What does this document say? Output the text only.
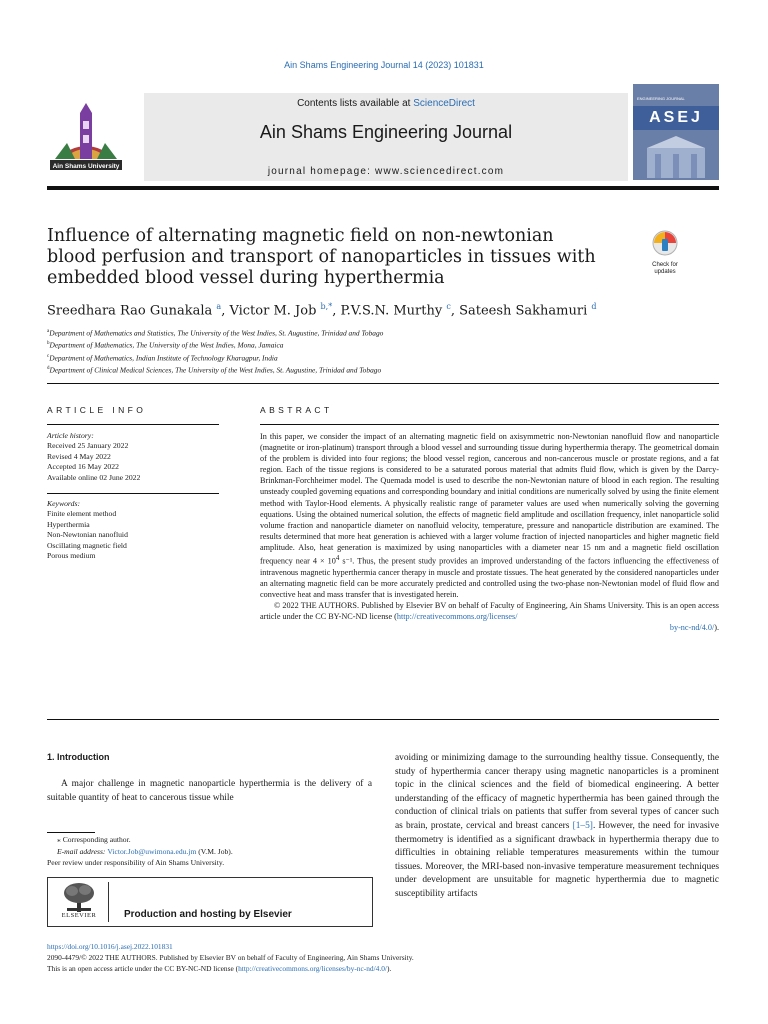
Ain Shams Engineering Journal 14 (2023) 101831
Ain Shams University
Contents lists available at ScienceDirect
Ain Shams Engineering Journal
journal homepage: www.sciencedirect.com
ENGINEERING JOURNAL
ASEJ
Influence of alternating magnetic field on non-newtonian blood perfusion and transport of nanoparticles in tissues with embedded blood vessel during hyperthermia
Check for updates
Sreedhara Rao Gunakala $^a$, Victor M. Job $^{b,*}$, P.V.S.N. Murthy $^c$, Sateesh Sakhamuri $^d$
$^a$Department of Mathematics and Statistics, The University of the West Indies, St. Augustine, Trinidad and Tobago
$^b$Department of Mathematics, The University of the West Indies, Mona, Jamaica
$^c$Department of Mathematics, Indian Institute of Technology Kharagpur, India
$^d$Department of Clinical Medical Sciences, The University of the West Indies, St. Augustine, Trinidad and Tobago
ARTICLE INFO	ABSTRACT
Article history:
Received 25 January 2022
Revised 4 May 2022
Accepted 16 May 2022
Available online 02 June 2022
Keywords:
Finite element method
Hyperthermia
Non-Newtonian nanofluid
Oscillating magnetic field
Porous medium

In this paper, we consider the impact of an alternating magnetic field on axisymmetric non-Newtonian nanofluid flow and nanoparticle (magnetite or iron-platinum) transport through a blood vessel and surrounding tissue during hyperthermia therapy. The geometrical domain of the problem is divided into four regions; the blood vessel region, cancerous and non-cancerous muscle or prostate regions, and a fat region. Each of the tissue regions is considered to be a saturated porous material that admits fluid flow, which is given by the Darcy-Brinkman-Forchheimer model. The Quemada model is used to describe the non-Newtonian nature of blood in each region. The resulting unsteady coupled governing equations and corresponding boundary and initial conditions are numerically solved by using the finite element method with Taylor-Hood elements. A physically realistic range of parameter values are used when numerically solving the governing equations. Using the obtained numerical solution, the effects of magnetic field amplitude and oscillation frequency, inlet nanoparticle solid volume fraction and nanoparticle diameter on nanofluid velocity, temperature, pressure and nanoparticle distribution are examined. The results determined that more heat generation is achieved with a larger volume fraction of injected nanoparticles and higher magnetic field amplitude. Also, heat generation is maximized by using nanoparticles with a diameter near 15 nm and a magnetic field oscillation frequency near $4 \times 10^4$ s⁻¹. Thus, the present study provides an improved understanding of the factors influencing the effectiveness of intravenous magnetic hyperthermia cancer therapy in muscle and prostate tissues. The heat generated by the considered nanoparticles under an alternating magnetic field can be more accurately predicted and controlled using the two-phase non-Newtonian model of fluid flow and convective heat and mass transfer that is investigated herein.

© 2022 THE AUTHORS. Published by Elsevier BV on behalf of Faculty of Engineering, Ain Shams University. This is an open access article under the CC BY-NC-ND license (http://creativecommons.org/licenses/

by-nc-nd/4.0/).

1. Introduction

A major challenge in magnetic nanoparticle hyperthermia is the delivery of a suitable quantity of heat to cancerous tissue while

avoiding or minimizing damage to the surrounding healthy tissue. Consequently, the study of hyperthermia cancer therapy using magnetic nanoparticles is a prominent topic in the clinical sciences and the field of biomedical engineering. A better understanding of the efficacy of magnetic hyperthermia has been gained through the conduction of clinical trials on patients that suffer from several types of cancer such as brain, prostate, cervical and breast cancers [1–5]. However, the need for invasive thermometry is identified as a significant drawback in hyperthermia therapy due to difficulties in obtaining reliable temperatures measurements within the tumour tissues. Moreover, the MRI-based non-invasive temperature measurement techniques under development are unsuitable for magnetic hyperthermia due to magnetic susceptibility artifacts

⁎ Corresponding author.
E-mail address: Victor.Job@uwimona.edu.jm (V.M. Job).
Peer review under responsibility of Ain Shams University.
ELSEVIER	Production and hosting by Elsevier
https://doi.org/10.1016/j.asej.2022.101831
2090-4479/© 2022 THE AUTHORS. Published by Elsevier BV on behalf of Faculty of Engineering, Ain Shams University.
This is an open access article under the CC BY-NC-ND license (http://creativecommons.org/licenses/by-nc-nd/4.0/).
